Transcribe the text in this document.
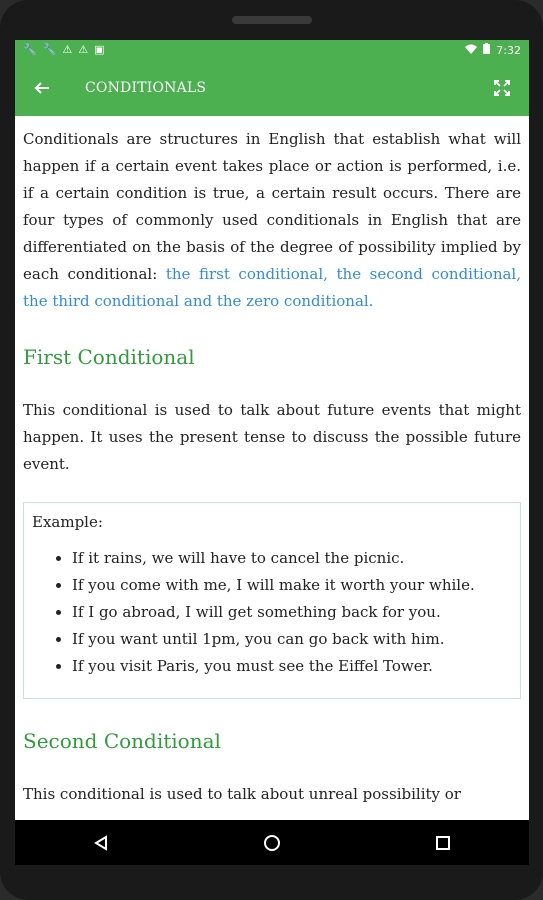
🔧 🔧 ⚠ ⚠ ▣	7:32
CONDITIONALS

Conditionals are structures in English that establish what will happen if a certain event takes place or action is performed, i.e. if a certain condition is true, a certain result occurs. There are four types of commonly used conditionals in English that are differentiated on the basis of the degree of possibility implied by each conditional: the first conditional, the second conditional, the third conditional and the zero conditional.

First Conditional

This conditional is used to talk about future events that might happen. It uses the present tense to discuss the possible future event.

Example:
• If it rains, we will have to cancel the picnic.
• If you come with me, I will make it worth your while.
• If I go abroad, I will get something back for you.
• If you want until 1pm, you can go back with him.
• If you visit Paris, you must see the Eiffel Tower.
Second Conditional

This conditional is used to talk about unreal possibility or
